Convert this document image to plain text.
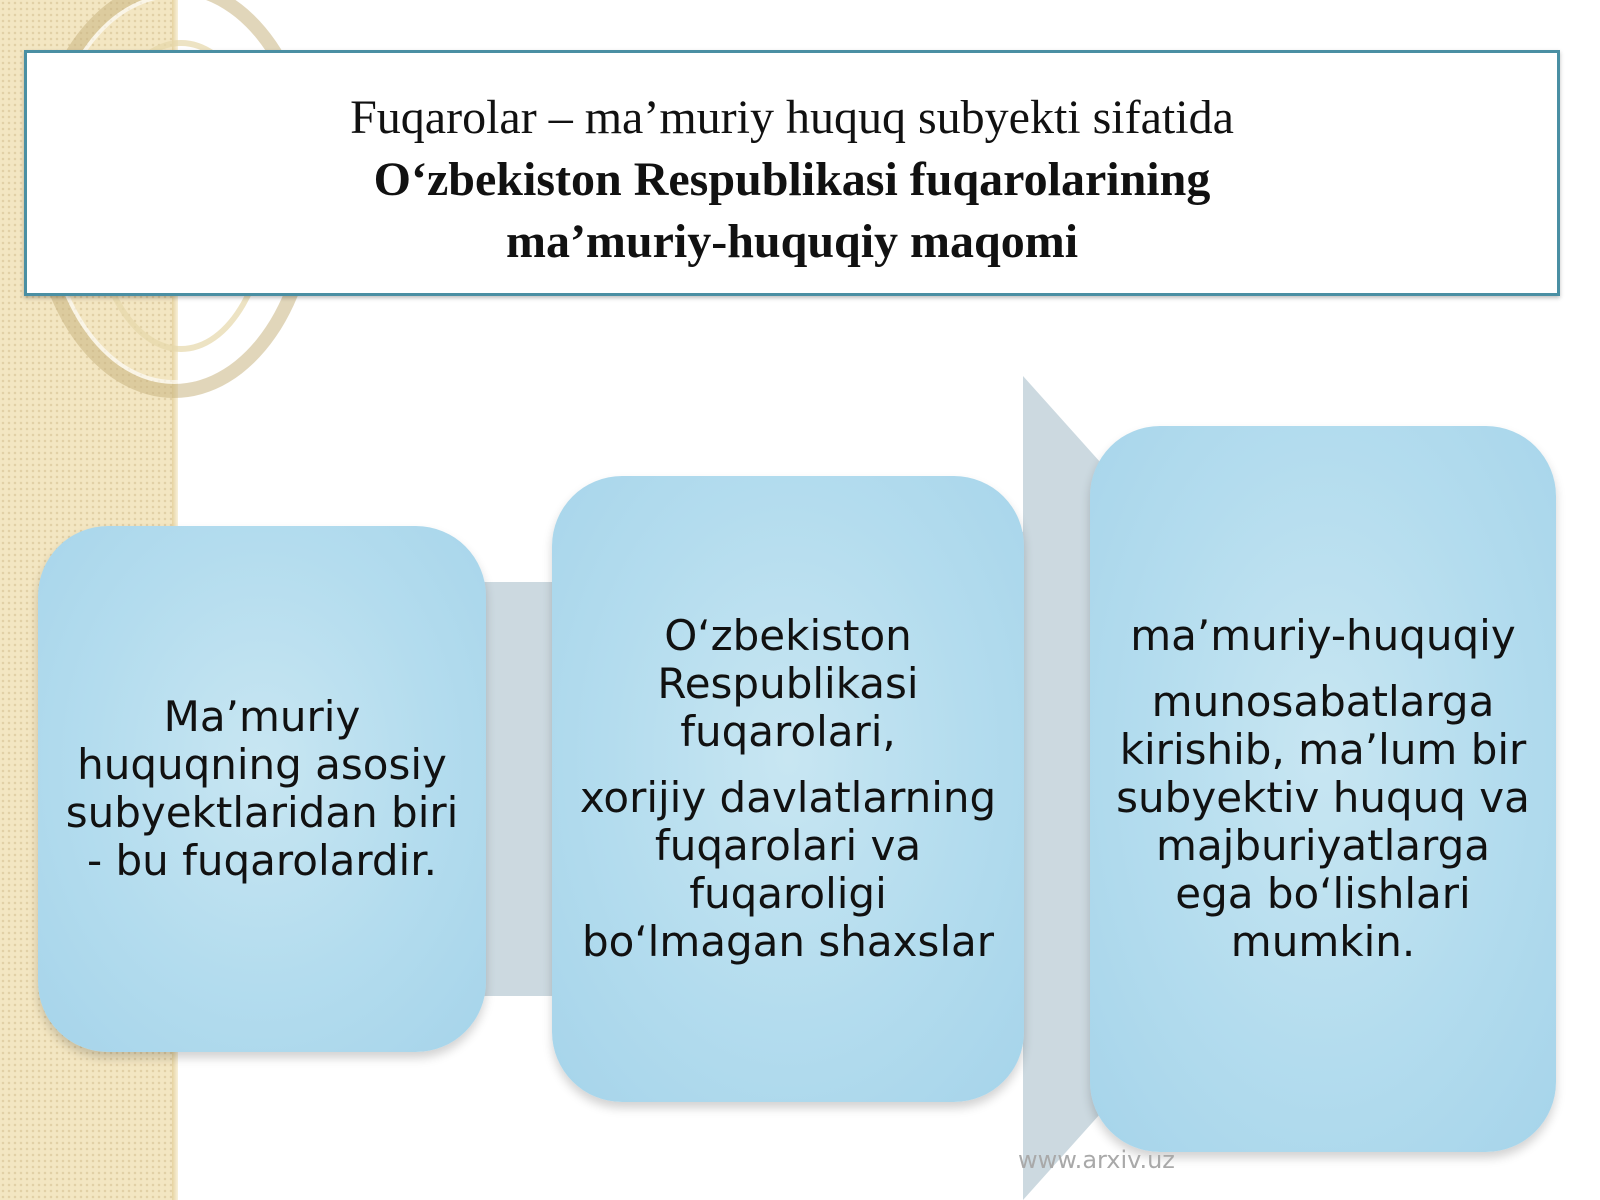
Fuqarolar – ma’muriy huquq subyekti sifatida
O‘zbekiston Respublikasi fuqarolarining
ma’muriy-huquqiy maqomi

Ma’muriy huquqning asosiy subyektlaridan biri - bu fuqarolardir.

O‘zbekiston Respublikasi fuqarolari,

xorijiy davlatlarning fuqarolari va fuqaroligi bo‘lmagan shaxslar

ma’muriy-huquqiy

munosabatlarga kirishib, ma’lum bir subyektiv huquq va majburiyatlarga ega bo‘lishlari mumkin.

www.arxiv.uz
